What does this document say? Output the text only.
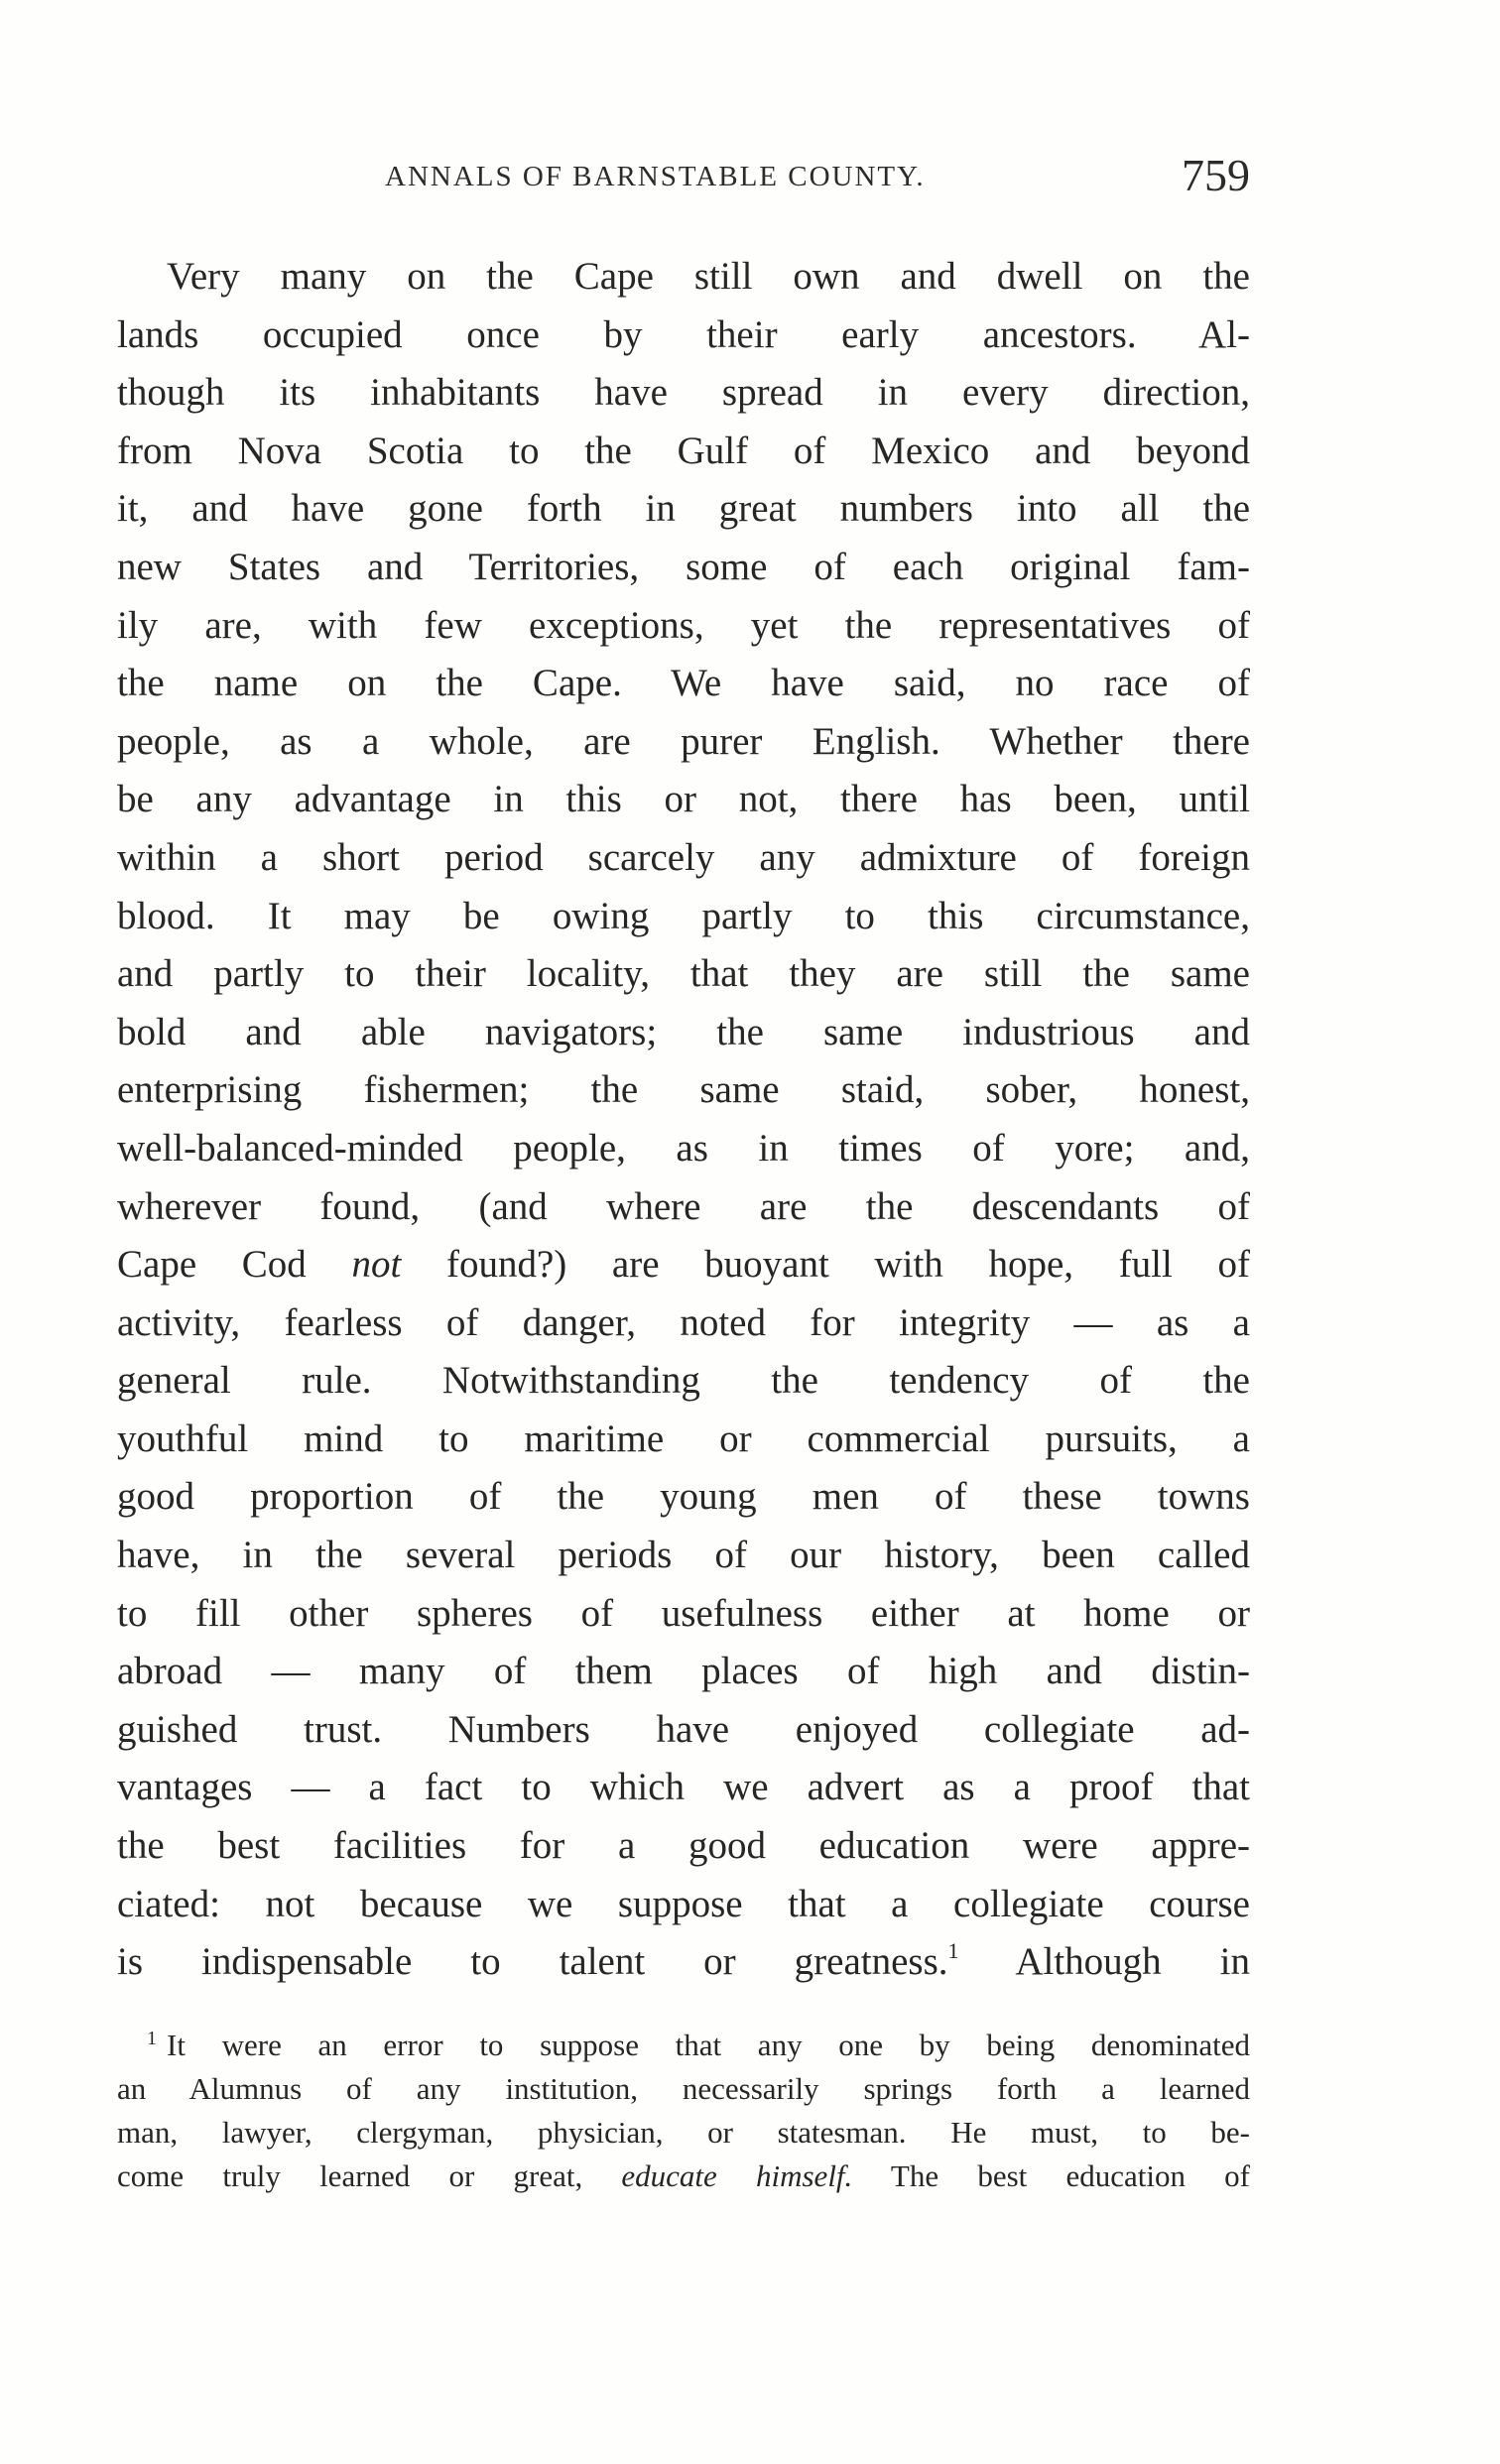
ANNALS OF BARNSTABLE COUNTY.	759
Very many on the Cape still own and dwell on the
lands occupied once by their early ancestors. Al-
though its inhabitants have spread in every direction,
from Nova Scotia to the Gulf of Mexico and beyond
it, and have gone forth in great numbers into all the
new States and Territories, some of each original fam-
ily are, with few exceptions, yet the representatives of
the name on the Cape. We have said, no race of
people, as a whole, are purer English. Whether there
be any advantage in this or not, there has been, until
within a short period scarcely any admixture of foreign
blood. It may be owing partly to this circumstance,
and partly to their locality, that they are still the same
bold and able navigators; the same industrious and
enterprising fishermen; the same staid, sober, honest,
well-balanced-minded people, as in times of yore; and,
wherever found, (and where are the descendants of
Cape Cod not found?) are buoyant with hope, full of
activity, fearless of danger, noted for integrity — as a
general rule. Notwithstanding the tendency of the
youthful mind to maritime or commercial pursuits, a
good proportion of the young men of these towns
have, in the several periods of our history, been called
to fill other spheres of usefulness either at home or
abroad — many of them places of high and distin-
guished trust. Numbers have enjoyed collegiate ad-
vantages — a fact to which we advert as a proof that
the best facilities for a good education were appre-
ciated: not because we suppose that a collegiate course
is indispensable to talent or greatness.$^1$ Although in
$^1$ It were an error to suppose that any one by being denominated
an Alumnus of any institution, necessarily springs forth a learned
man, lawyer, clergyman, physician, or statesman. He must, to be-
come truly learned or great, educate himself. The best education of
